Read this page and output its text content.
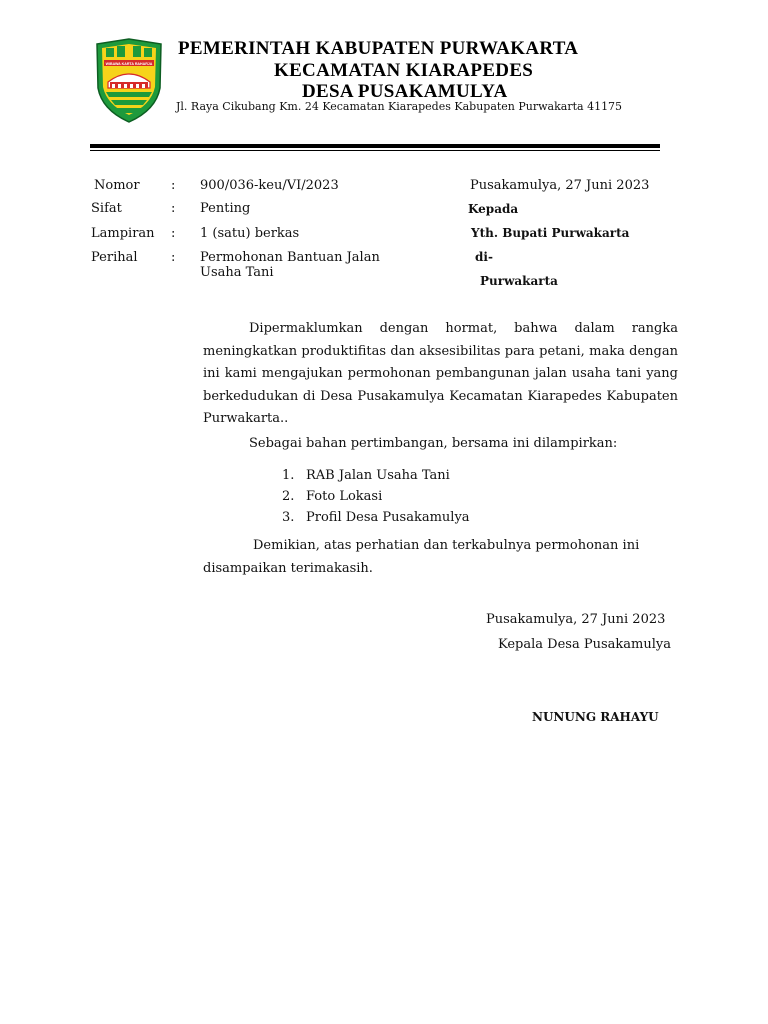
WIBAWA KARTA RAHARJA
PEMERINTAH KABUPATEN PURWAKARTA
KECAMATAN KIARAPEDES
DESA PUSAKAMULYA
Jl. Raya Cikubang Km. 24 Kecamatan Kiarapedes Kabupaten Purwakarta 41175
Nomor : 900/036-keu/VI/2023
Sifat	: Penting
Lampiran : 1 (satu) berkas
Perihal	: Permohonan Bantuan Jalan
Usaha Tani
Pusakamulya, 27 Juni 2023
Kepada
Yth. Bupati Purwakarta
di-
Purwakarta
Dipermaklumkan dengan hormat, bahwa dalam rangka meningkatkan produktifitas dan aksesibilitas para petani, maka dengan ini kami mengajukan permohonan pembangunan jalan usaha tani yang berkedudukan di Desa Pusakamulya Kecamatan Kiarapedes Kabupaten Purwakarta..
Sebagai bahan pertimbangan, bersama ini dilampirkan:
1. RAB Jalan Usaha Tani
2. Foto Lokasi
3. Profil Desa Pusakamulya
Demikian, atas perhatian dan terkabulnya permohonan ini
disampaikan terimakasih.
Pusakamulya, 27 Juni 2023
Kepala Desa Pusakamulya
NUNUNG RAHAYU
